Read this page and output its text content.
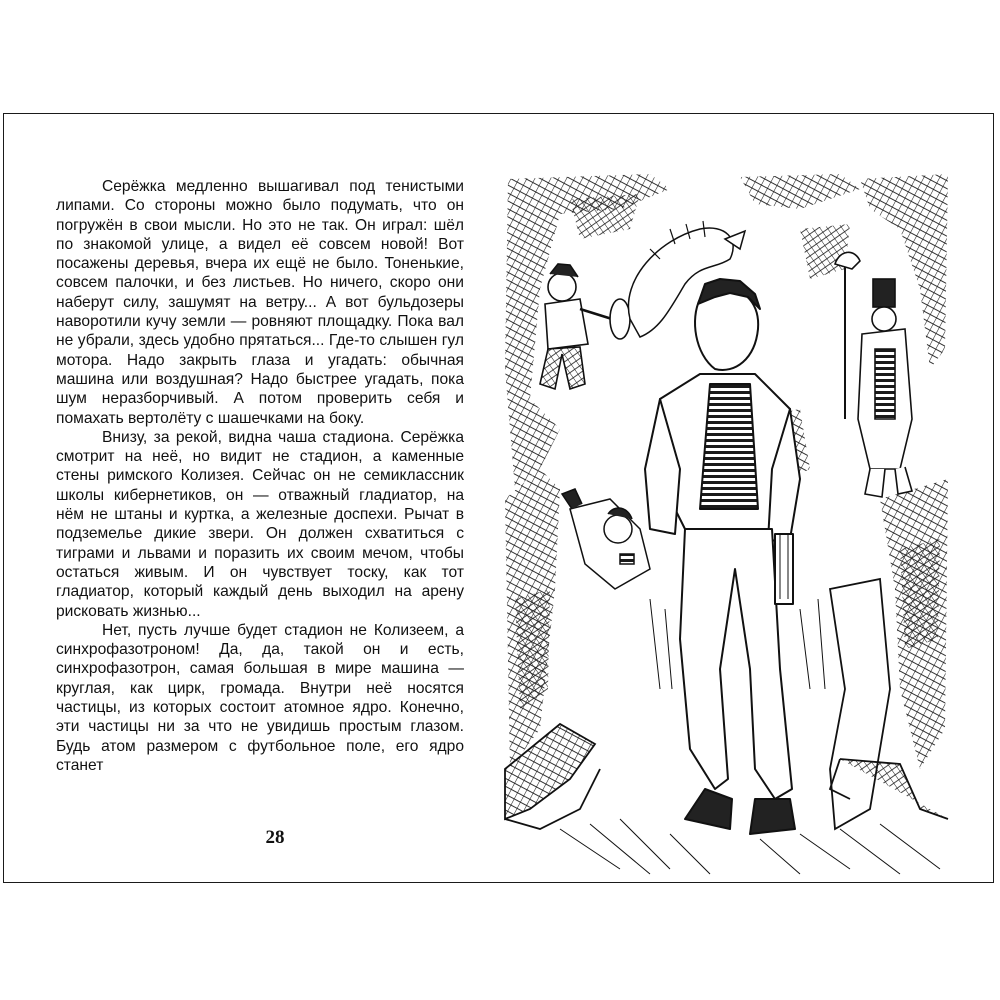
Серёжка медленно вышагивал под тенистыми липами. Со стороны можно было подумать, что он погружён в свои мысли. Но это не так. Он играл: шёл по знакомой улице, а видел её совсем новой! Вот посажены деревья, вчера их ещё не было. Тоненькие, совсем палочки, и без листьев. Но ничего, скоро они наберут силу, зашумят на ветру... А вот бульдозеры наворотили кучу земли — ровняют площадку. Пока вал не убрали, здесь удобно прятаться... Где-то слышен гул мотора. Надо закрыть глаза и угадать: обычная машина или воздушная? Надо быстрее угадать, пока шум неразборчивый. А потом проверить себя и помахать вертолёту с шашечками на боку.

Внизу, за рекой, видна чаша стадиона. Серёжка смотрит на неё, но видит не стадион, а каменные стены римского Колизея. Сейчас он не семиклассник школы кибернетиков, он — отважный гладиатор, на нём не штаны и куртка, а железные доспехи. Рычат в подземелье дикие звери. Он должен схватиться с тиграми и львами и поразить их своим мечом, чтобы остаться живым. И он чувствует тоску, как тот гладиатор, который каждый день выходил на арену рисковать жизнью...

Нет, пусть лучше будет стадион не Колизеем, а синхрофазотроном! Да, да, такой он и есть, синхрофазотрон, самая большая в мире машина — круглая, как цирк, громада. Внутри неё носятся частицы, из которых состоит атомное ядро. Конечно, эти частицы ни за что не увидишь простым глазом. Будь атом размером с футбольное поле, его ядро станет

28
